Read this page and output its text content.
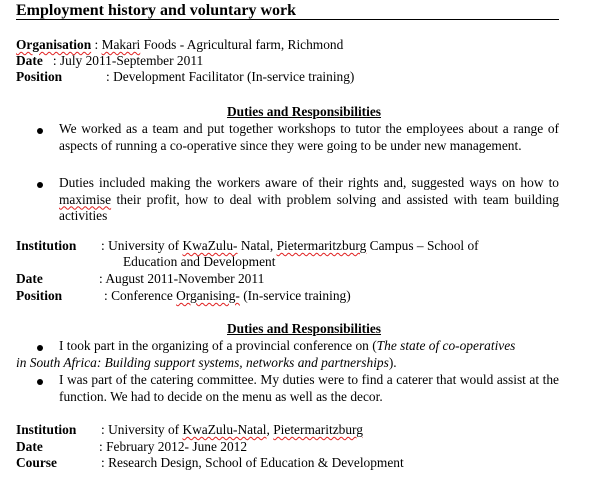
Employment history and voluntary work
Organisation : Makari Foods - Agricultural farm, Richmond
Date   : July 2011-September 2011
Position	: Development Facilitator (In-service training)
Duties and Responsibilities
We worked as a team and put together workshops to tutor the employees about a range of aspects of running a co-operative since they were going to be under new management.
Duties included making the workers aware of their rights and, suggested ways on how to maximise their profit, how to deal with problem solving and assisted with team building activities
Institution : University of KwaZulu- Natal, Pietermaritzburg Campus – School of
Education and Development
Date	: August 2011-November 2011
Position	: Conference Organising- (In-service training)
Duties and Responsibilities
I took part in the organizing of a provincial conference on (The state of co-operatives
in South Africa: Building support systems, networks and partnerships).
I was part of the catering committee. My duties were to find a caterer that would assist at the function. We had to decide on the menu as well as the decor.
Institution : University of KwaZulu-Natal, Pietermaritzburg
Date	: February 2012- June 2012
Course	: Research Design, School of Education & Development
